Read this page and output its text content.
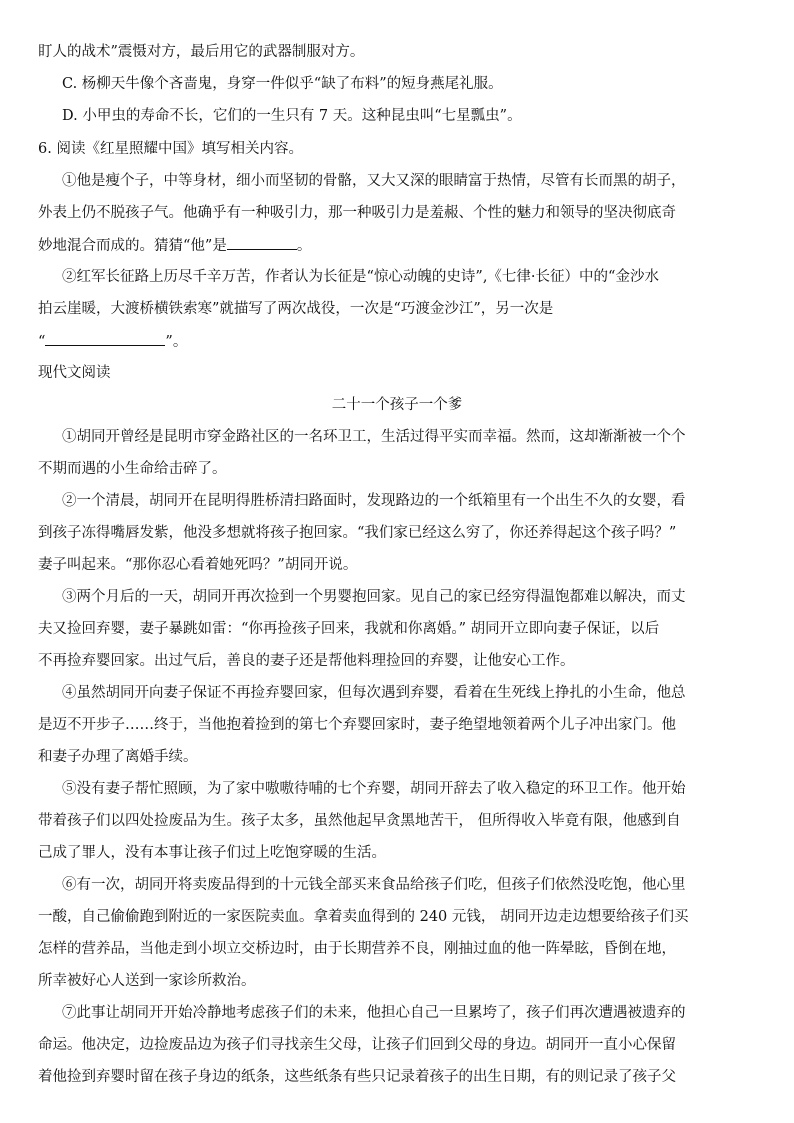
盯人的战术”震慑对方，最后用它的武器制服对方。
C. 杨柳天牛像个吝啬鬼，身穿一件似乎“缺了布料”的短身燕尾礼服。
D. 小甲虫的寿命不长，它们的一生只有 7 天。这种昆虫叫“七星瓢虫”。
6. 阅读《红星照耀中国》填写相关内容。
①他是瘦个子，中等身材，细小而坚韧的骨骼，又大又深的眼睛富于热情，尽管有长而黑的胡子，
外表上仍不脱孩子气。他确乎有一种吸引力，那一种吸引力是羞赧、个性的魅力和领导的坚决彻底奇
妙地混合而成的。猜猜“他”是	。
②红军长征路上历尽千辛万苦，作者认为长征是“惊心动魄的史诗”,《七律·长征）中的“金沙水
拍云崖暖，大渡桥横铁索寒”就描写了两次战役，一次是“巧渡金沙江”，另一次是
“	”。
现代文阅读
二十一个孩子一个爹
①胡同开曾经是昆明市穿金路社区的一名环卫工，生活过得平实而幸福。然而，这却渐渐被一个个
不期而遇的小生命给击碎了。
②一个清晨，胡同开在昆明得胜桥清扫路面时，发现路边的一个纸箱里有一个出生不久的女婴，看
到孩子冻得嘴唇发紫，他没多想就将孩子抱回家。“我们家已经这么穷了，你还养得起这个孩子吗？”
妻子叫起来。“那你忍心看着她死吗？”胡同开说。
③两个月后的一天，胡同开再次捡到一个男婴抱回家。见自己的家已经穷得温饱都难以解决，而丈
夫又捡回弃婴，妻子暴跳如雷：“你再捡孩子回来，我就和你离婚。” 胡同开立即向妻子保证，以后
不再捡弃婴回家。出过气后，善良的妻子还是帮他料理捡回的弃婴，让他安心工作。
④虽然胡同开向妻子保证不再捡弃婴回家，但每次遇到弃婴，看着在生死线上挣扎的小生命，他总
是迈不开步子……终于，当他抱着捡到的第七个弃婴回家时，妻子绝望地领着两个儿子冲出家门。他
和妻子办理了离婚手续。
⑤没有妻子帮忙照顾，为了家中嗷嗷待哺的七个弃婴，胡同开辞去了收入稳定的环卫工作。他开始
带着孩子们以四处捡废品为生。孩子太多，虽然他起早贪黑地苦干， 但所得收入毕竟有限，他感到自
己成了罪人，没有本事让孩子们过上吃饱穿暖的生活。
⑥有一次，胡同开将卖废品得到的十元钱全部买来食品给孩子们吃，但孩子们依然没吃饱，他心里
一酸，自己偷偷跑到附近的一家医院卖血。拿着卖血得到的 240 元钱， 胡同开边走边想要给孩子们买
怎样的营养品，当他走到小坝立交桥边时，由于长期营养不良，刚抽过血的他一阵晕眩，昏倒在地，
所幸被好心人送到一家诊所救治。
⑦此事让胡同开开始冷静地考虑孩子们的未来，他担心自己一旦累垮了，孩子们再次遭遇被遗弃的
命运。他决定，边捡废品边为孩子们寻找亲生父母，让孩子们回到父母的身边。胡同开一直小心保留
着他捡到弃婴时留在孩子身边的纸条，这些纸条有些只记录着孩子的出生日期，有的则记录了孩子父
